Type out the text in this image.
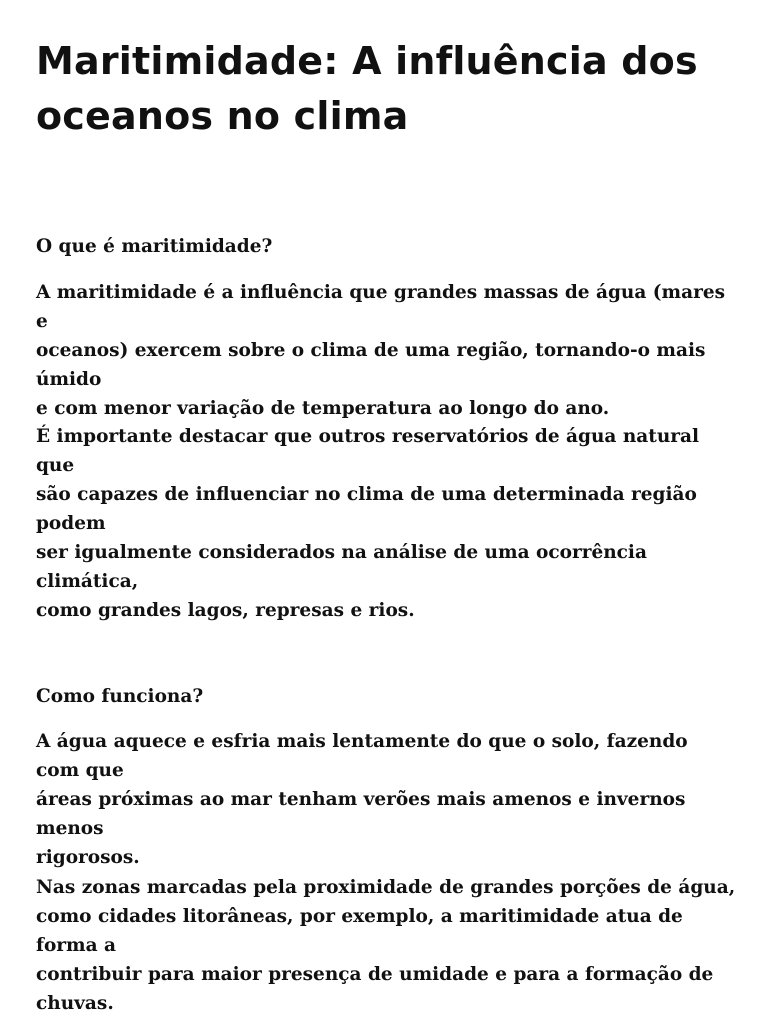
Maritimidade: A influência dos
oceanos no clima

O que é maritimidade?

A maritimidade é a influência que grandes massas de água (mares e
oceanos) exercem sobre o clima de uma região, tornando-o mais úmido
e com menor variação de temperatura ao longo do ano.

É importante destacar que outros reservatórios de água natural que
são capazes de influenciar no clima de uma determinada região podem
ser igualmente considerados na análise de uma ocorrência climática,
como grandes lagos, represas e rios.

Como funciona?

A água aquece e esfria mais lentamente do que o solo, fazendo com que
áreas próximas ao mar tenham verões mais amenos e invernos menos
rigorosos.

Nas zonas marcadas pela proximidade de grandes porções de água,
como cidades litorâneas, por exemplo, a maritimidade atua de forma a
contribuir para maior presença de umidade e para a formação de
chuvas.
